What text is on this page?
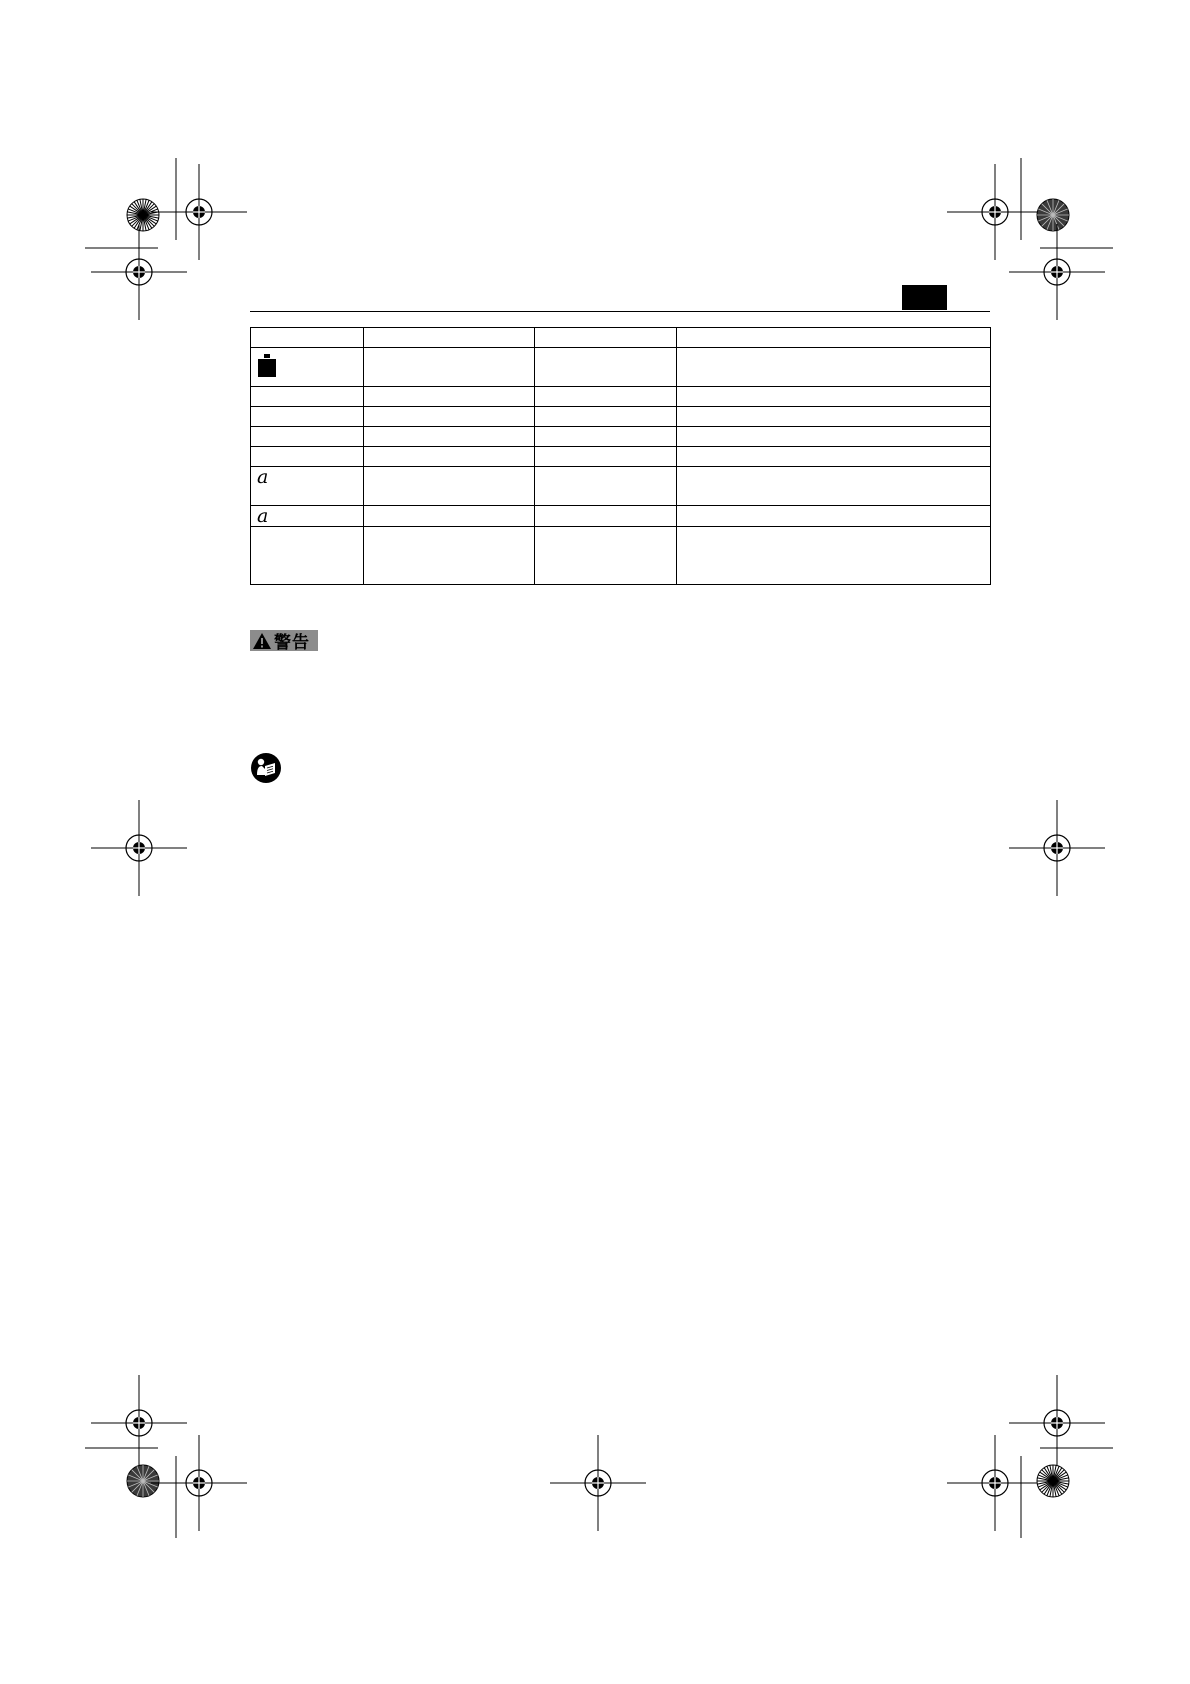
a			
a			

警告
